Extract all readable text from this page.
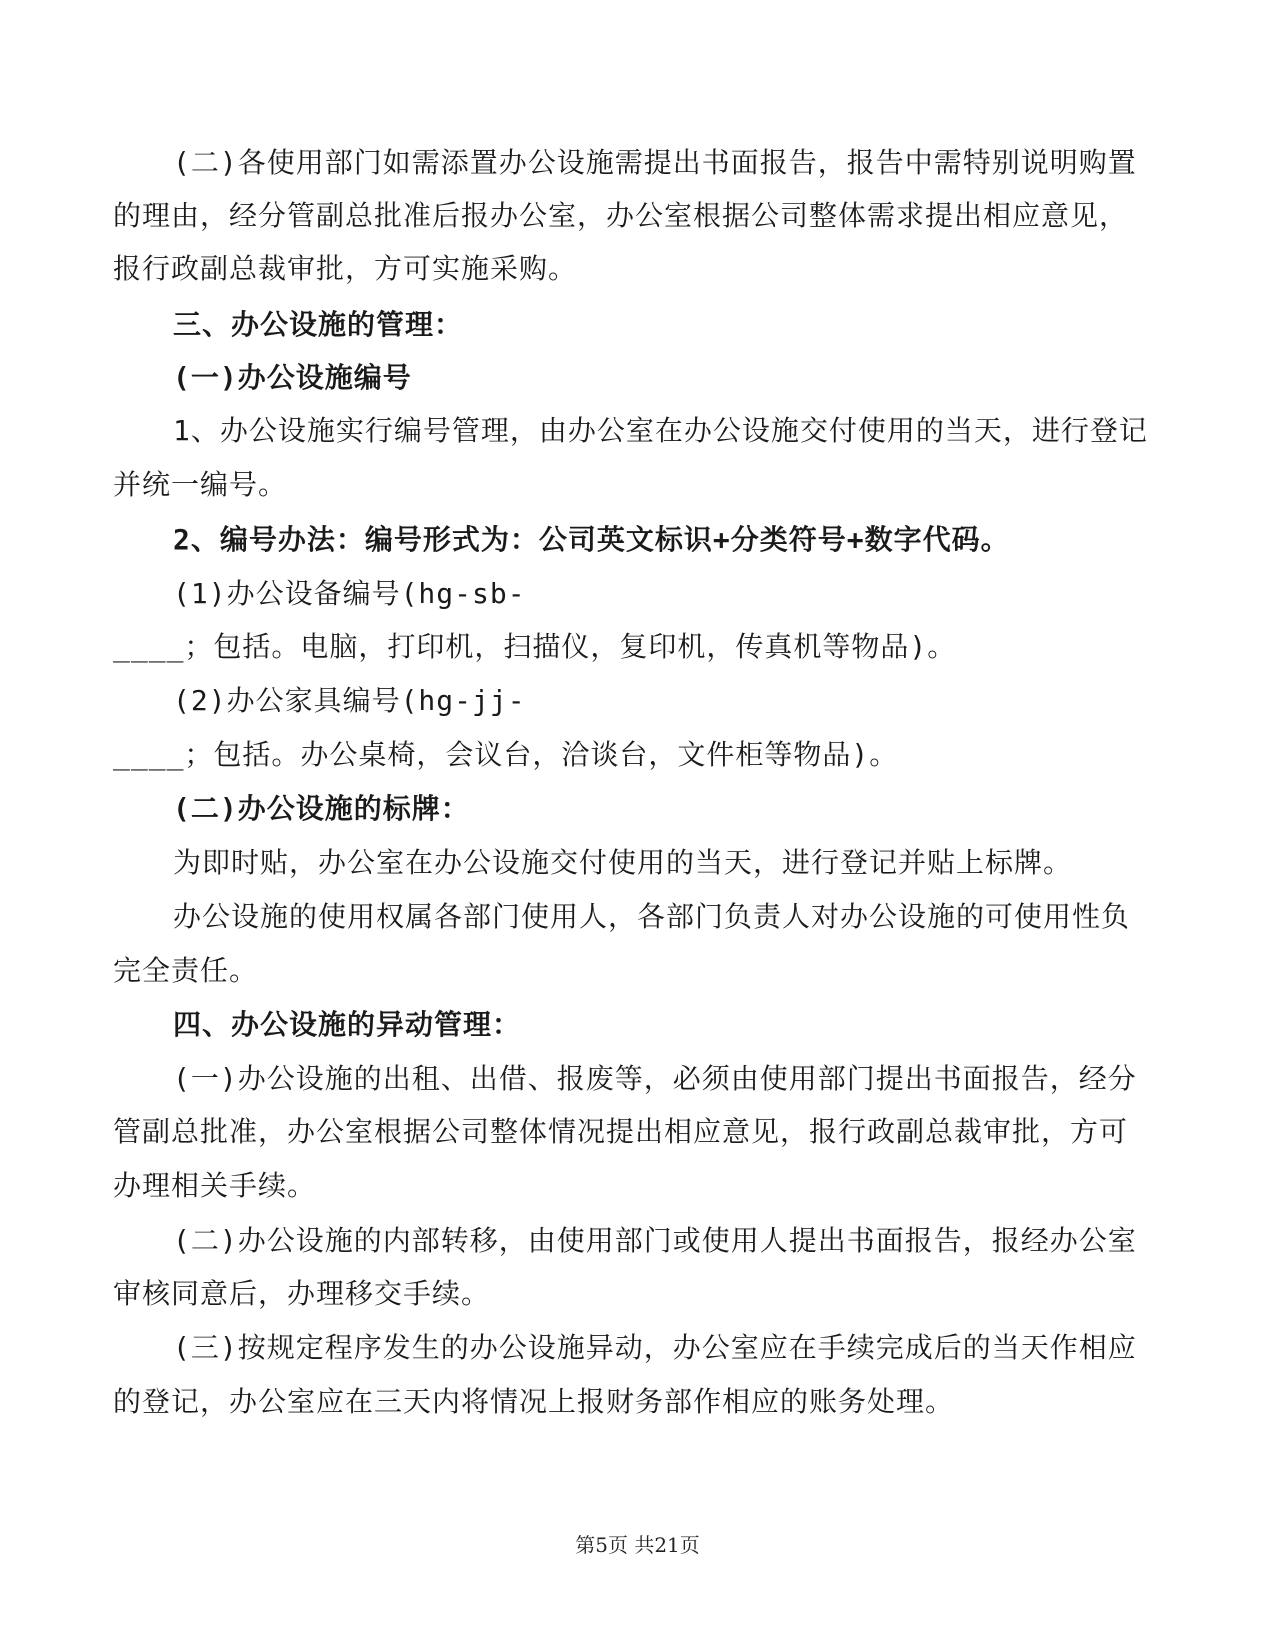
(二)各使用部门如需添置办公设施需提出书面报告，报告中需特别说明购置
的理由，经分管副总批准后报办公室，办公室根据公司整体需求提出相应意见，
报行政副总裁审批，方可实施采购。
三、办公设施的管理：
(一)办公设施编号
1、办公设施实行编号管理，由办公室在办公设施交付使用的当天，进行登记
并统一编号。
2、编号办法：编号形式为：公司英文标识+分类符号+数字代码。
(1)办公设备编号(hg-sb-
____；包括。电脑，打印机，扫描仪，复印机，传真机等物品)。
(2)办公家具编号(hg-jj-
____；包括。办公桌椅，会议台，洽谈台，文件柜等物品)。
(二)办公设施的标牌：
为即时贴，办公室在办公设施交付使用的当天，进行登记并贴上标牌。
办公设施的使用权属各部门使用人，各部门负责人对办公设施的可使用性负
完全责任。
四、办公设施的异动管理：
(一)办公设施的出租、出借、报废等，必须由使用部门提出书面报告，经分
管副总批准，办公室根据公司整体情况提出相应意见，报行政副总裁审批，方可
办理相关手续。
(二)办公设施的内部转移，由使用部门或使用人提出书面报告，报经办公室
审核同意后，办理移交手续。
(三)按规定程序发生的办公设施异动，办公室应在手续完成后的当天作相应
的登记，办公室应在三天内将情况上报财务部作相应的账务处理。
第5页 共21页
